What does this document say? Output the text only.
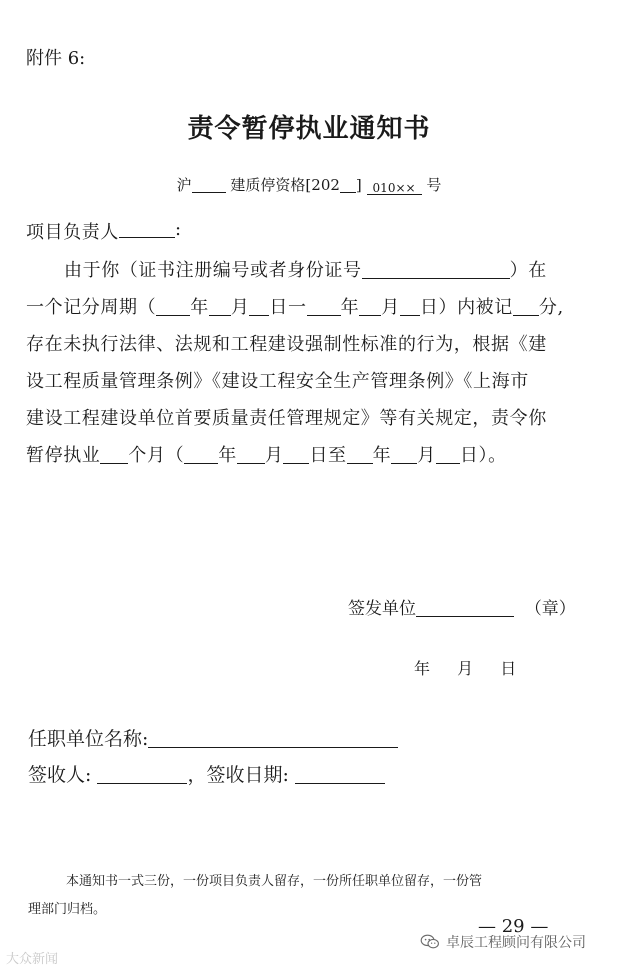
附件 6:
责令暂停执业通知书
沪	建质停资格[202 ] 010×× 号
项目负责人	:
由于你（证书注册编号或者身份证号	）在
一个记分周期（ 年 月 日一 年 月 日）内被记 分,
存在未执行法律、法规和工程建设强制性标准的行为，根据《建
设工程质量管理条例》《建设工程安全生产管理条例》《上海市
建设工程建设单位首要质量责任管理规定》等有关规定，责令你
暂停执业 个月（ 年 月 日至 年 月 日）。
签发单位	（章）
年 月 日
任职单位名称:
签收人:	，签收日期:
本通知书一式三份，一份项目负责人留存，一份所任职单位留存，一份管
理部门归档。
— 29 —
大众新闻
卓辰工程顾问有限公司
